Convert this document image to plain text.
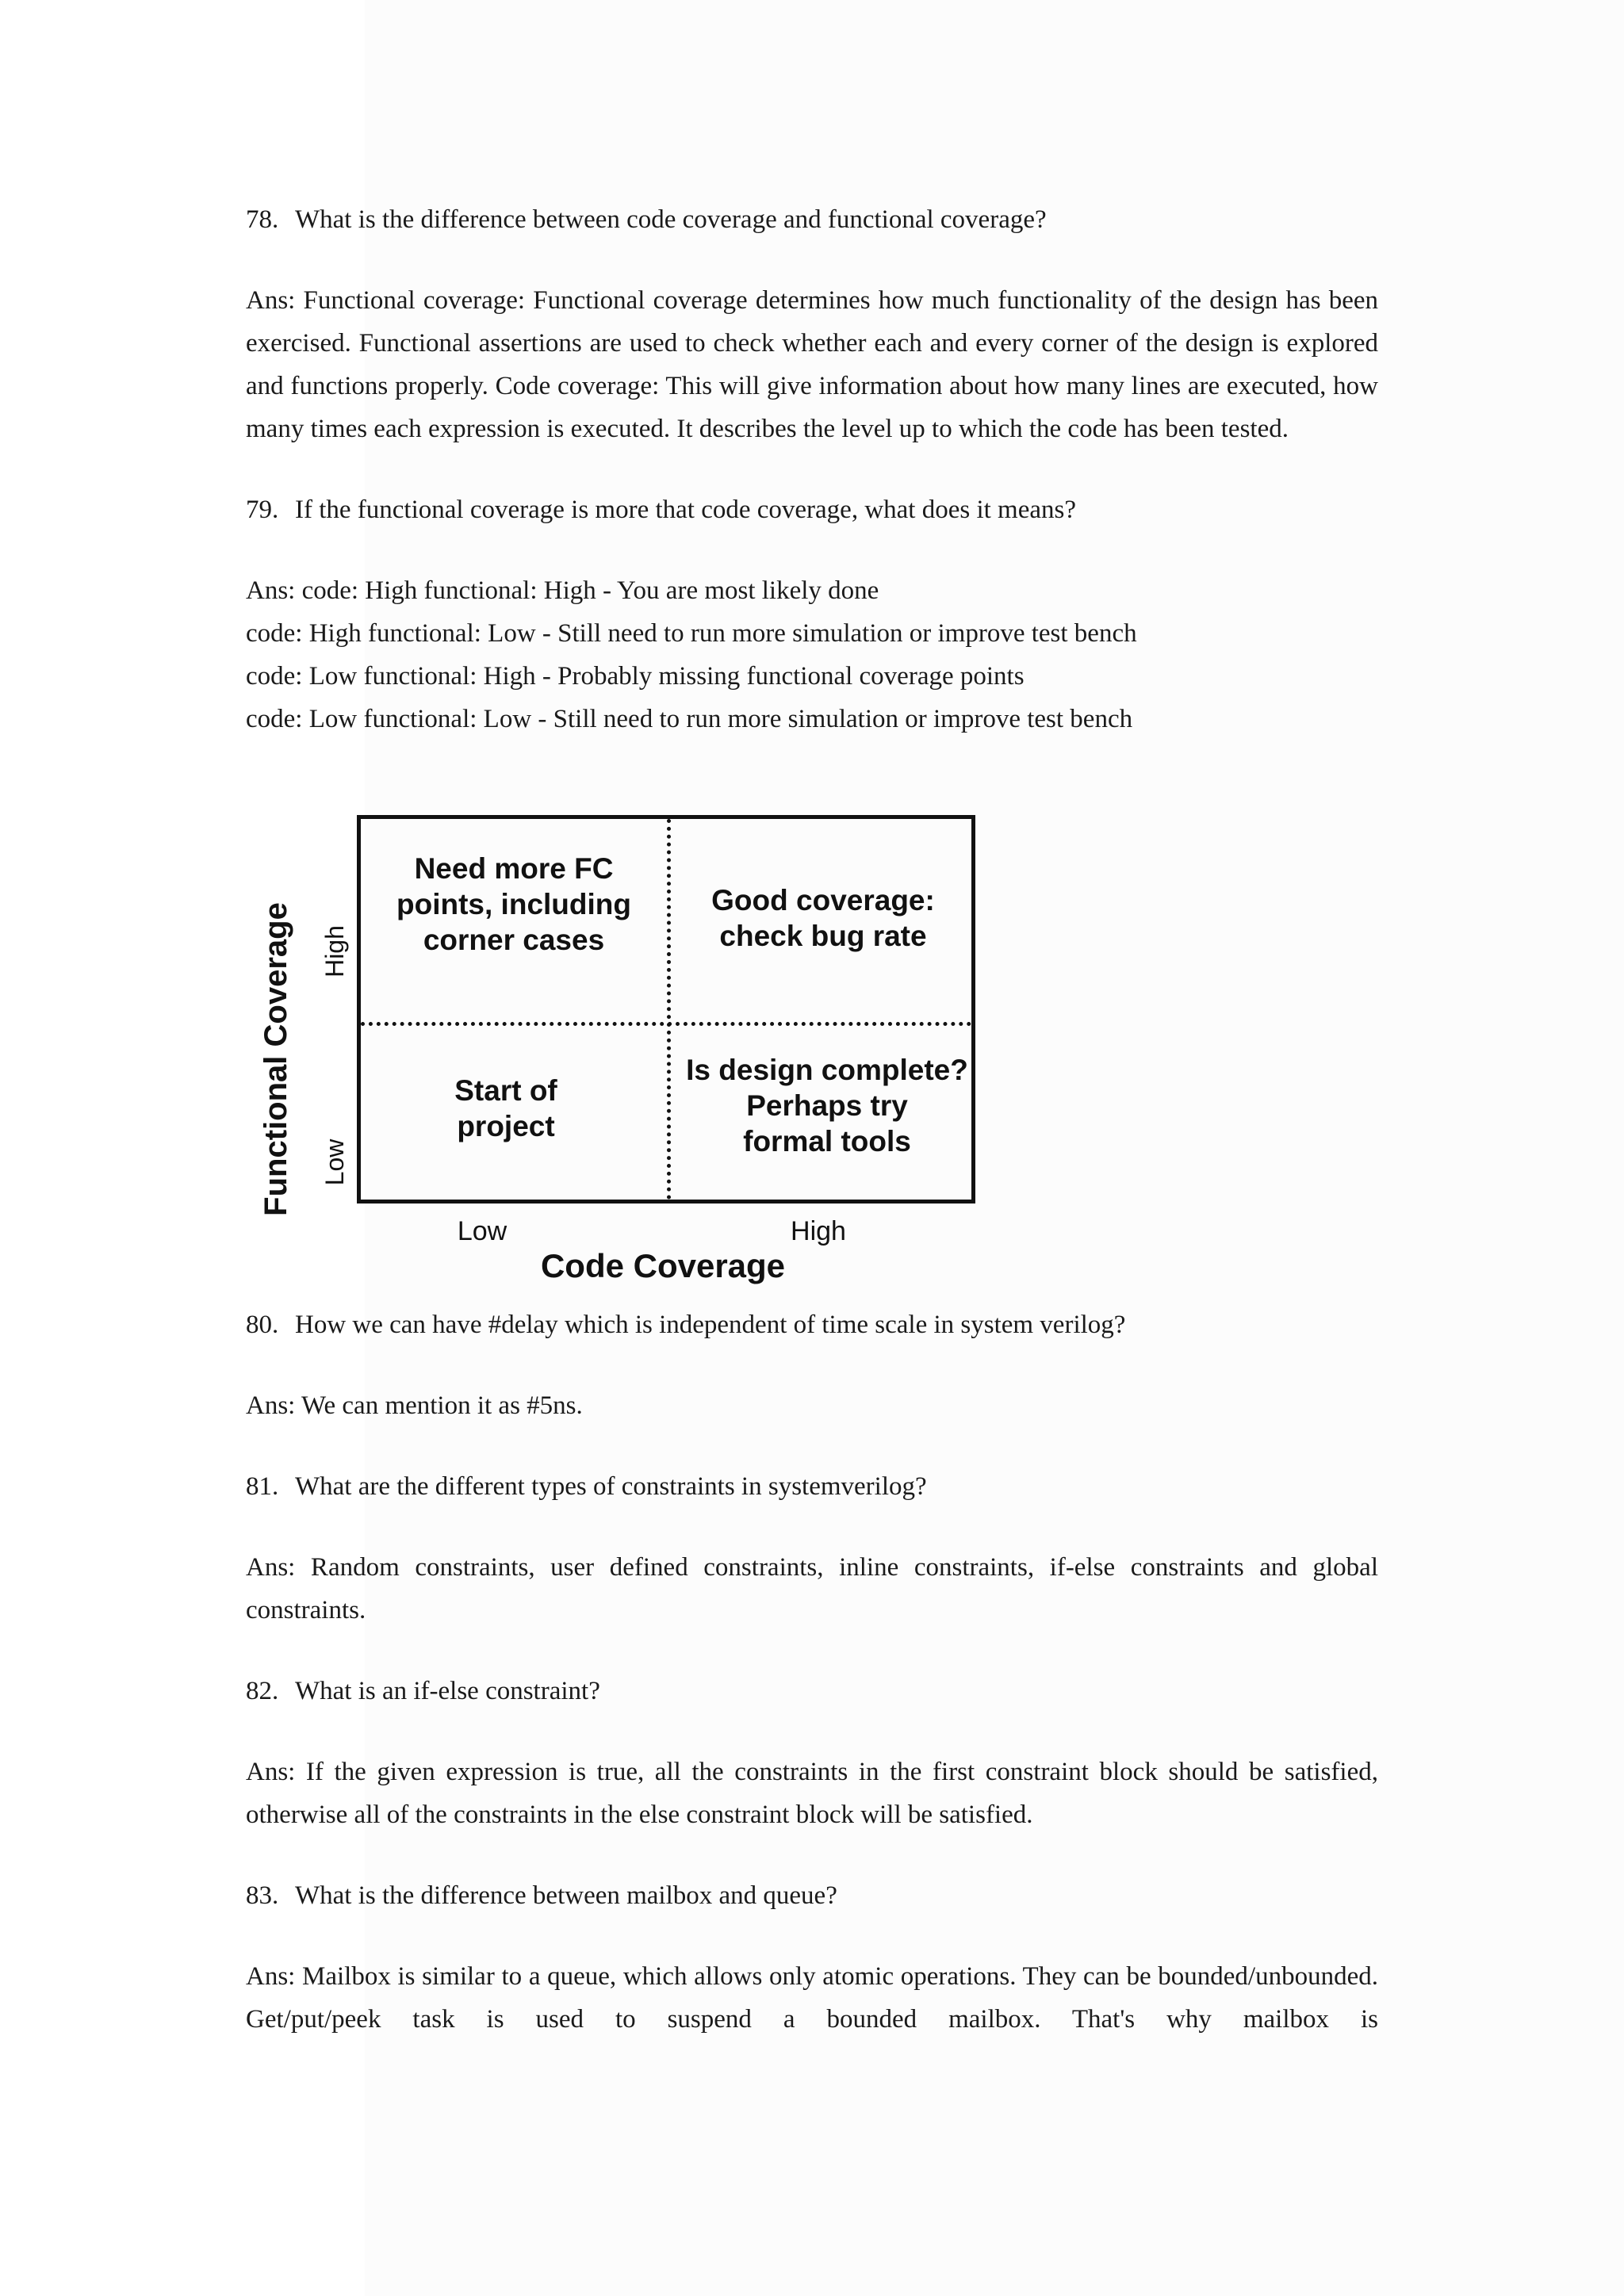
78. What is the difference between code coverage and functional coverage?
Ans: Functional coverage: Functional coverage determines how much functionality of the design has been exercised. Functional assertions are used to check whether each and every corner of the design is explored and functions properly. Code coverage: This will give information about how many lines are executed, how many times each expression is executed. It describes the level up to which the code has been tested.
79. If the functional coverage is more that code coverage, what does it means?
Ans: code: High functional: High - You are most likely done
code: High functional: Low - Still need to run more simulation or improve test bench
code: Low functional: High - Probably missing functional coverage points
code: Low functional: Low - Still need to run more simulation or improve test bench
Functional Coverage High
Low
Need more FC
points, including
corner cases
Good coverage:
check bug rate
Start of
project
Is design complete?
Perhaps try
formal tools
Low	High
Code Coverage
80. How we can have #delay which is independent of time scale in system verilog?
Ans: We can mention it as #5ns.
81. What are the different types of constraints in systemverilog?
Ans: Random constraints, user defined constraints, inline constraints, if-else constraints and global constraints.
82. What is an if-else constraint?
Ans: If the given expression is true, all the constraints in the first constraint block should be satisfied, otherwise all of the constraints in the else constraint block will be satisfied.
83. What is the difference between mailbox and queue?
Ans: Mailbox is similar to a queue, which allows only atomic operations. They can be bounded/unbounded. Get/put/peek task is used to suspend a bounded mailbox. That's why mailbox is
